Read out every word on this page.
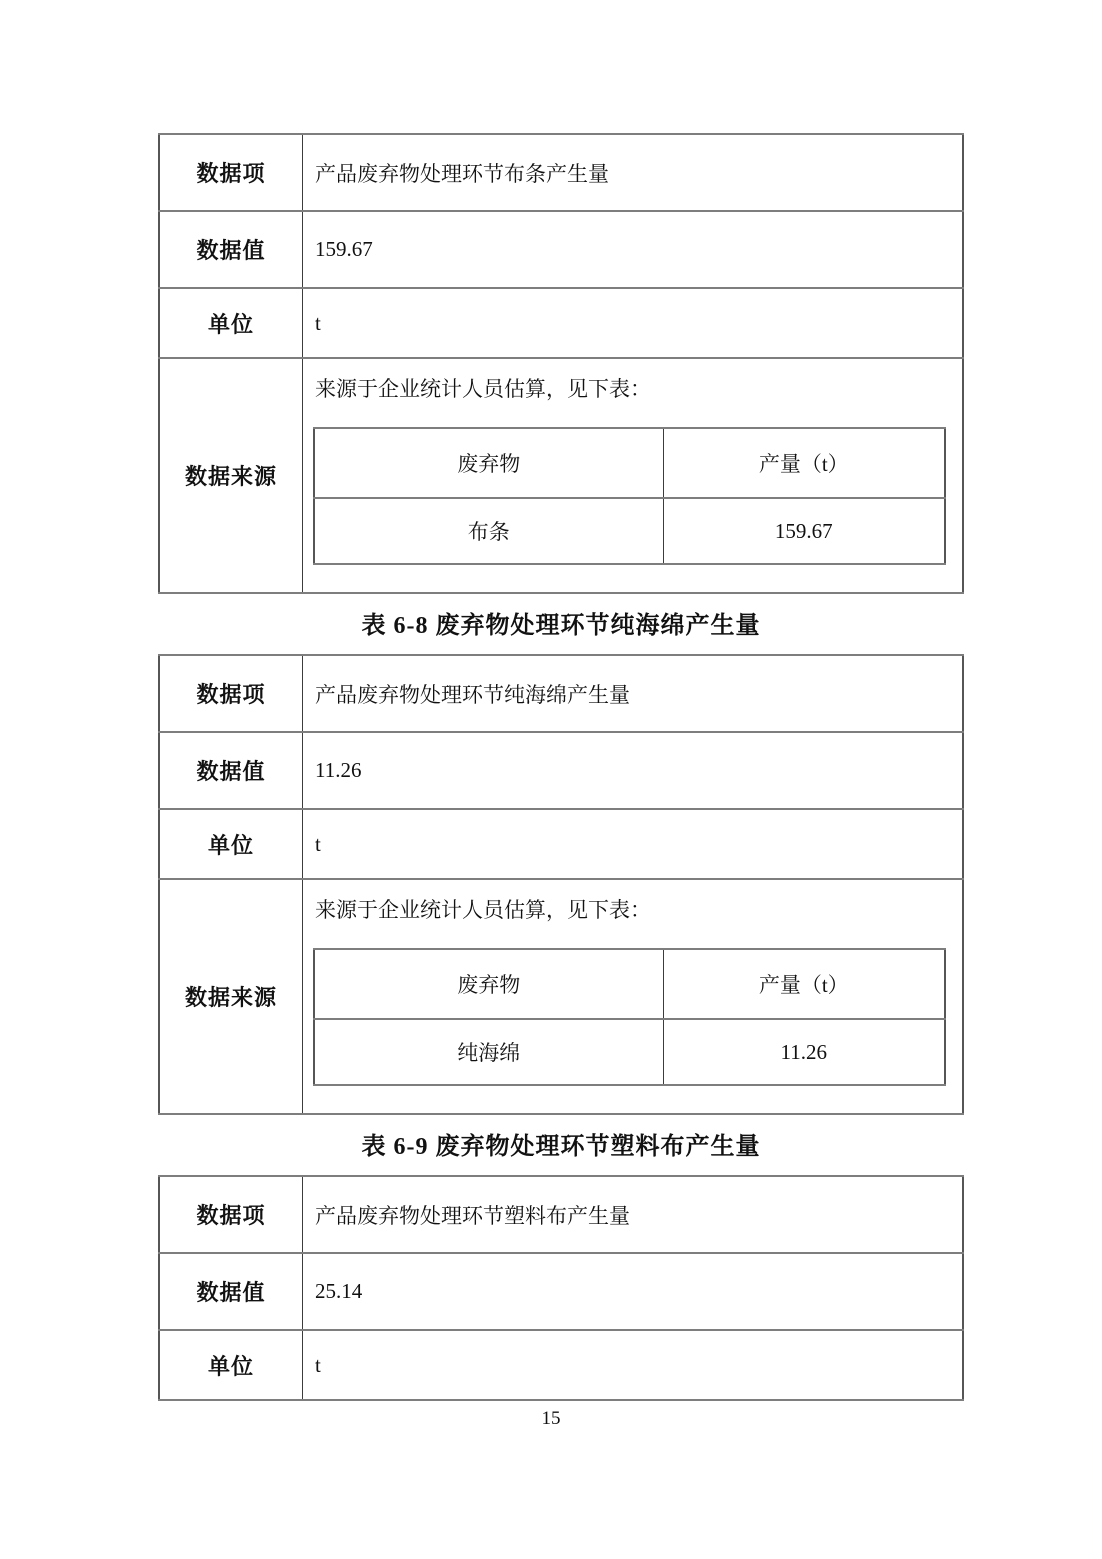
数据项	产品废弃物处理环节布条产生量
数据值	159.67
单位	t
数据来源	
来源于企业统计人员估算，见下表：
废弃物	产量（t）
布条	159.67
表 6-8 废弃物处理环节纯海绵产生量
数据项	产品废弃物处理环节纯海绵产生量
数据值	11.26
单位	t
数据来源	
来源于企业统计人员估算，见下表：
废弃物	产量（t）
纯海绵	11.26
表 6-9 废弃物处理环节塑料布产生量
数据项	产品废弃物处理环节塑料布产生量
数据值	25.14
单位	t
15
